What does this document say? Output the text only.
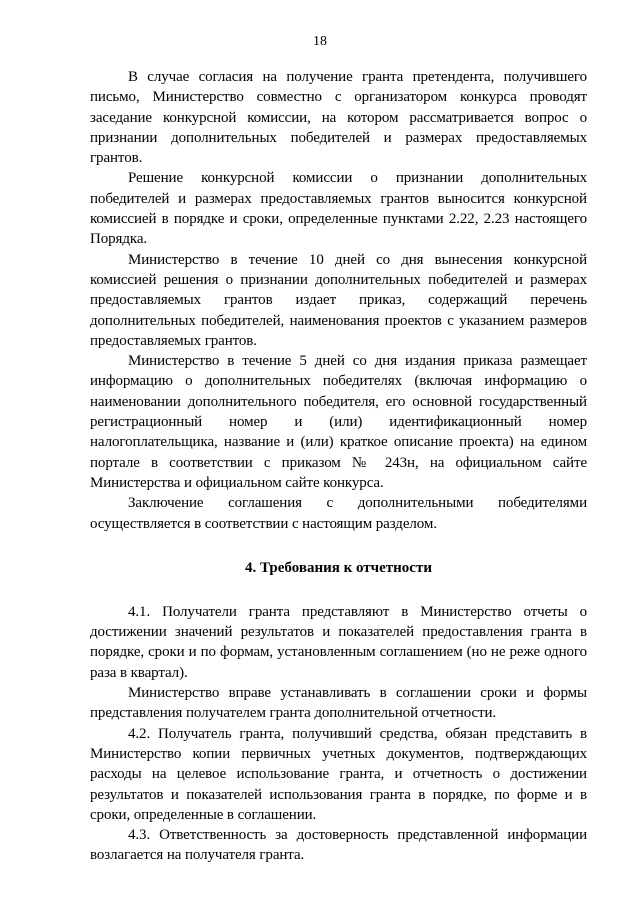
18

В случае согласия на получение гранта претендента, получившего письмо, Министерство совместно с организатором конкурса проводят заседание конкурсной комиссии, на котором рассматривается вопрос о признании дополнительных победителей и размерах предоставляемых грантов.

Решение конкурсной комиссии о признании дополнительных победителей и размерах предоставляемых грантов выносится конкурсной комиссией в порядке и сроки, определенные пунктами 2.22, 2.23 настоящего Порядка.

Министерство в течение 10 дней со дня вынесения конкурсной комиссией решения о признании дополнительных победителей и размерах предоставляемых грантов издает приказ, содержащий перечень дополнительных победителей, наименования проектов с указанием размеров предоставляемых грантов.

Министерство в течение 5 дней со дня издания приказа размещает информацию о дополнительных победителях (включая информацию о наименовании дополнительного победителя, его основной государственный регистрационный номер и (или) идентификационный номер налогоплательщика, название и (или) краткое описание проекта) на едином портале в соответствии с приказом № 243н, на официальном сайте Министерства и официальном сайте конкурса.

Заключение соглашения с дополнительными победителями осуществляется в соответствии с настоящим разделом.

4. Требования к отчетности

4.1. Получатели гранта представляют в Министерство отчеты о достижении значений результатов и показателей предоставления гранта в порядке, сроки и по формам, установленным соглашением (но не реже одного раза в квартал).

Министерство вправе устанавливать в соглашении сроки и формы представления получателем гранта дополнительной отчетности.

4.2. Получатель гранта, получивший средства, обязан представить в Министерство копии первичных учетных документов, подтверждающих расходы на целевое использование гранта, и отчетность о достижении результатов и показателей использования гранта в порядке, по форме и в сроки, определенные в соглашении.

4.3. Ответственность за достоверность представленной информации возлагается на получателя гранта.
